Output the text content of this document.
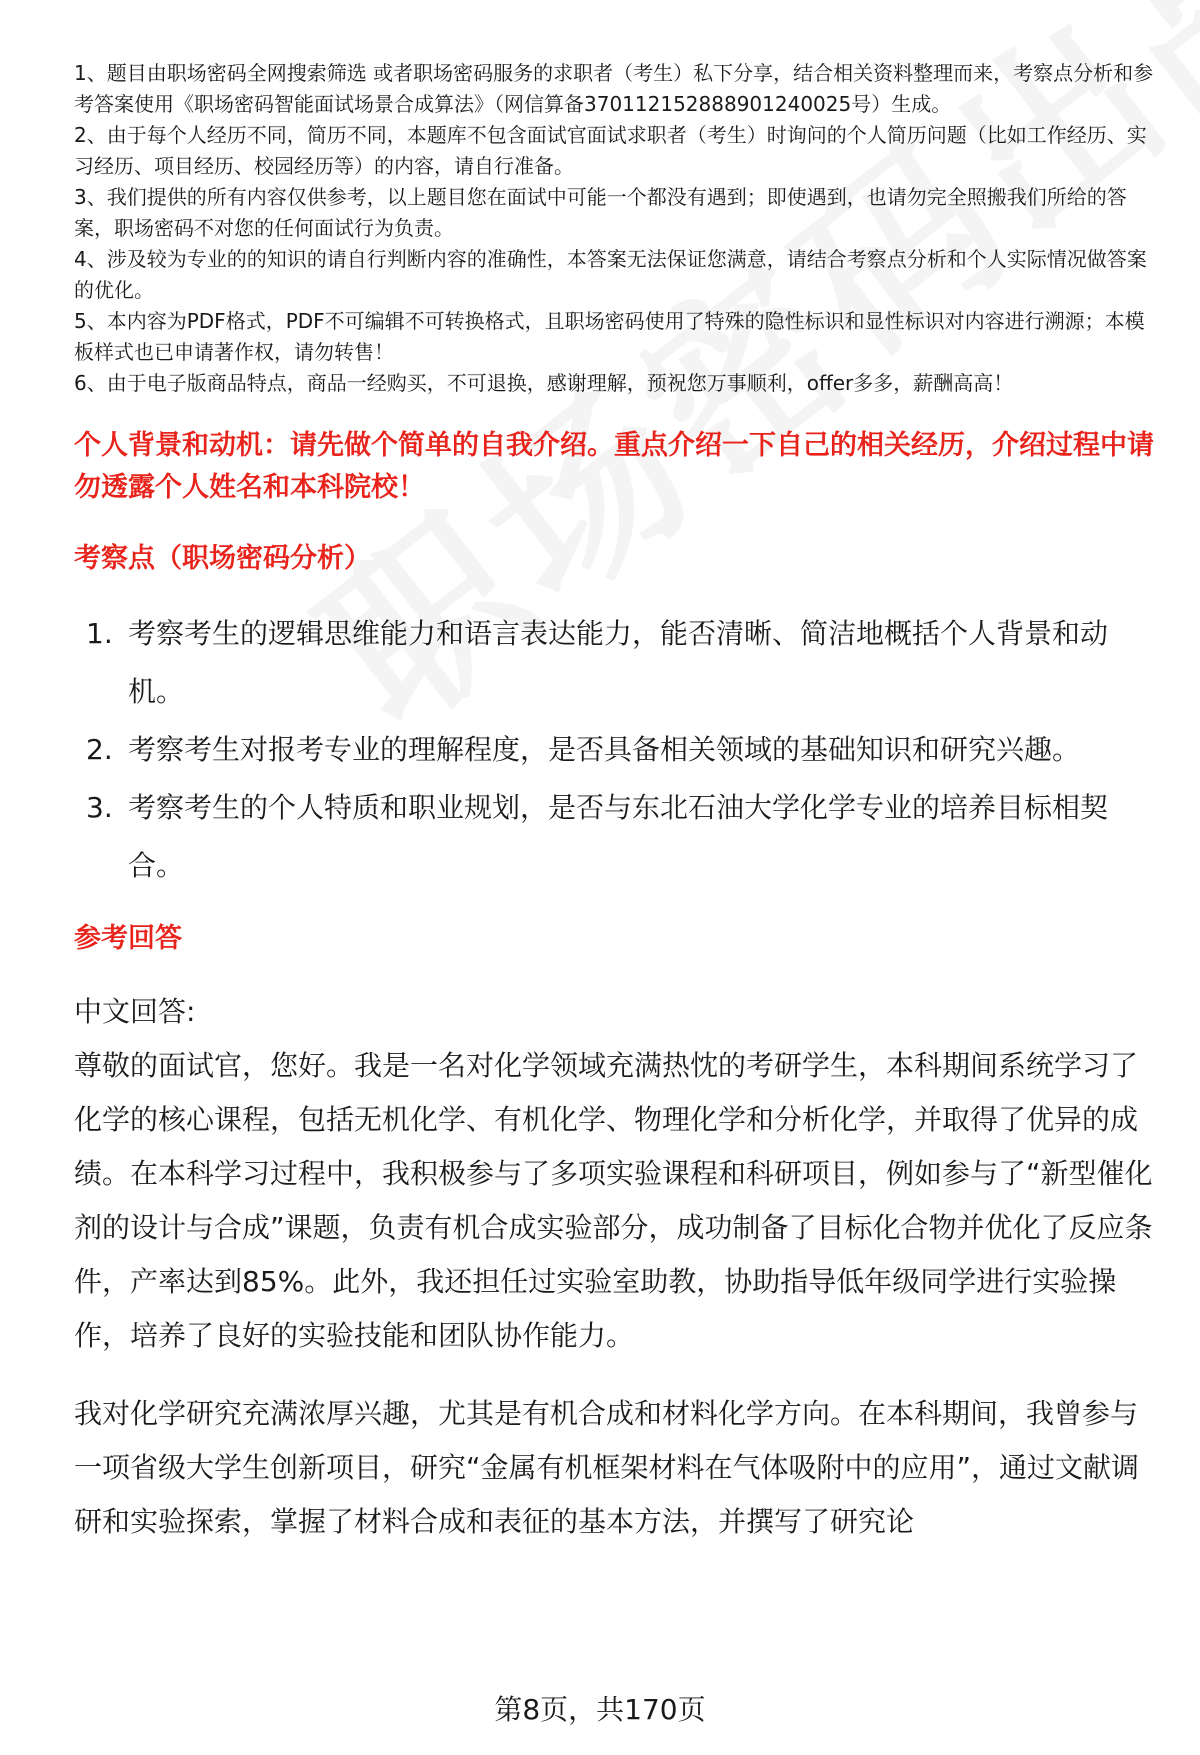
1、题目由职场密码全网搜索筛选 或者职场密码服务的求职者（考生）私下分享，结合相关资料整理而来，考察点分析和参考答案使用《职场密码智能面试场景合成算法》（网信算备370112152888901240025号）生成。

2、由于每个人经历不同，简历不同，本题库不包含面试官面试求职者（考生）时询问的个人简历问题（比如工作经历、实习经历、项目经历、校园经历等）的内容，请自行准备。

3、我们提供的所有内容仅供参考，以上题目您在面试中可能一个都没有遇到；即使遇到，也请勿完全照搬我们所给的答案，职场密码不对您的任何面试行为负责。

4、涉及较为专业的的知识的请自行判断内容的准确性，本答案无法保证您满意，请结合考察点分析和个人实际情况做答案的优化。

5、本内容为PDF格式，PDF不可编辑不可转换格式，且职场密码使用了特殊的隐性标识和显性标识对内容进行溯源；本模板样式也已申请著作权，请勿转售！

6、由于电子版商品特点，商品一经购买，不可退换，感谢理解，预祝您万事顺利，offer多多，薪酬高高！

个人背景和动机：请先做个简单的自我介绍。重点介绍一下自己的相关经历，介绍过程中请勿透露个人姓名和本科院校！
考察点（职场密码分析）
1. 考察考生的逻辑思维能力和语言表达能力，能否清晰、简洁地概括个人背景和动机。
2. 考察考生对报考专业的理解程度，是否具备相关领域的基础知识和研究兴趣。
3. 考察考生的个人特质和职业规划，是否与东北石油大学化学专业的培养目标相契合。
参考回答

中文回答:

尊敬的面试官，您好。我是一名对化学领域充满热忱的考研学生，本科期间系统学习了化学的核心课程，包括无机化学、有机化学、物理化学和分析化学，并取得了优异的成绩。在本科学习过程中，我积极参与了多项实验课程和科研项目，例如参与了“新型催化剂的设计与合成”课题，负责有机合成实验部分，成功制备了目标化合物并优化了反应条件，产率达到85%。此外，我还担任过实验室助教，协助指导低年级同学进行实验操作，培养了良好的实验技能和团队协作能力。

我对化学研究充满浓厚兴趣，尤其是有机合成和材料化学方向。在本科期间，我曾参与一项省级大学生创新项目，研究“金属有机框架材料在气体吸附中的应用”，通过文献调研和实验探索，掌握了材料合成和表征的基本方法，并撰写了研究论

第8页，共170页
